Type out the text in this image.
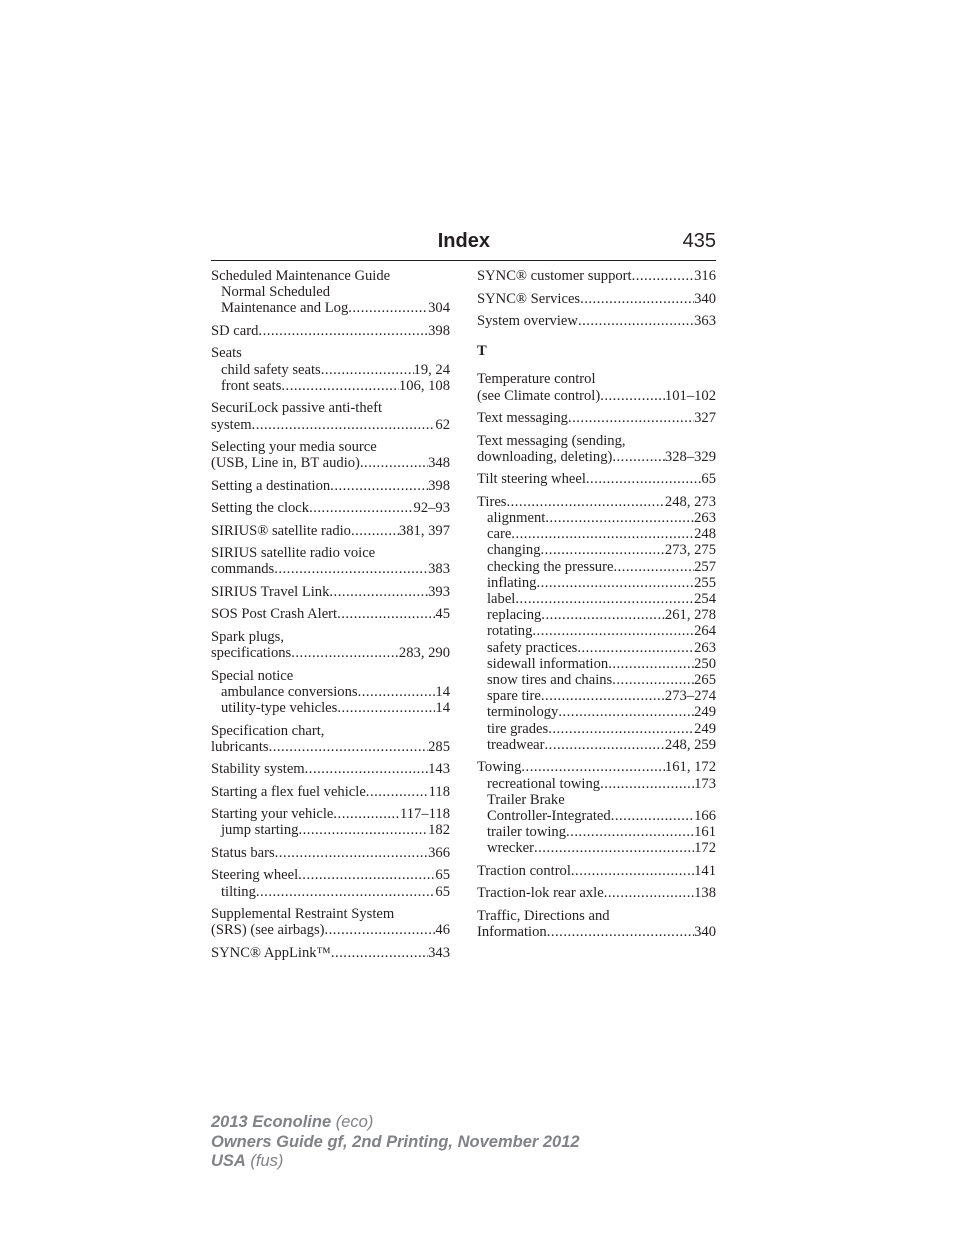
Index	435
Scheduled Maintenance Guide
Normal Scheduled
Maintenance and Log .....	304
SD card .....	398
Seats
child safety seats .....	19, 24
front seats .....	106, 108
SecuriLock passive anti-theft
system .....	62
Selecting your media source
(USB, Line in, BT audio) .....	348
Setting a destination .....	398
Setting the clock .....	92–93
SIRIUS® satellite radio .....	381, 397
SIRIUS satellite radio voice
commands .....	383
SIRIUS Travel Link .....	393
SOS Post Crash Alert .....	45
Spark plugs,
specifications .....	283, 290
Special notice
ambulance conversions .....	14
utility-type vehicles .....	14
Specification chart,
lubricants .....	285
Stability system .....	143
Starting a flex fuel vehicle .....	118
Starting your vehicle .....	117–118
jump starting .....	182
Status bars .....	366
Steering wheel .....	65
tilting .....	65
Supplemental Restraint System
(SRS) (see airbags) .....	46
SYNC® AppLink™ .....	343
SYNC® customer support .....	316
SYNC® Services .....	340
System overview .....	363
T
Temperature control
(see Climate control) .....	101–102
Text messaging .....	327
Text messaging (sending,
downloading, deleting) .....	328–329
Tilt steering wheel .....	65
Tires .....	248, 273
alignment .....	263
care .....	248
changing .....	273, 275
checking the pressure .....	257
inflating .....	255
label .....	254
replacing .....	261, 278
rotating .....	264
safety practices .....	263
sidewall information .....	250
snow tires and chains .....	265
spare tire .....	273–274
terminology .....	249
tire grades .....	249
treadwear .....	248, 259
Towing .....	161, 172
recreational towing .....	173
Trailer Brake
Controller-Integrated .....	166
trailer towing .....	161
wrecker .....	172
Traction control .....	141
Traction-lok rear axle .....	138
Traffic, Directions and
Information .....	340
2013 Econoline (eco)
Owners Guide gf, 2nd Printing, November 2012
USA (fus)
